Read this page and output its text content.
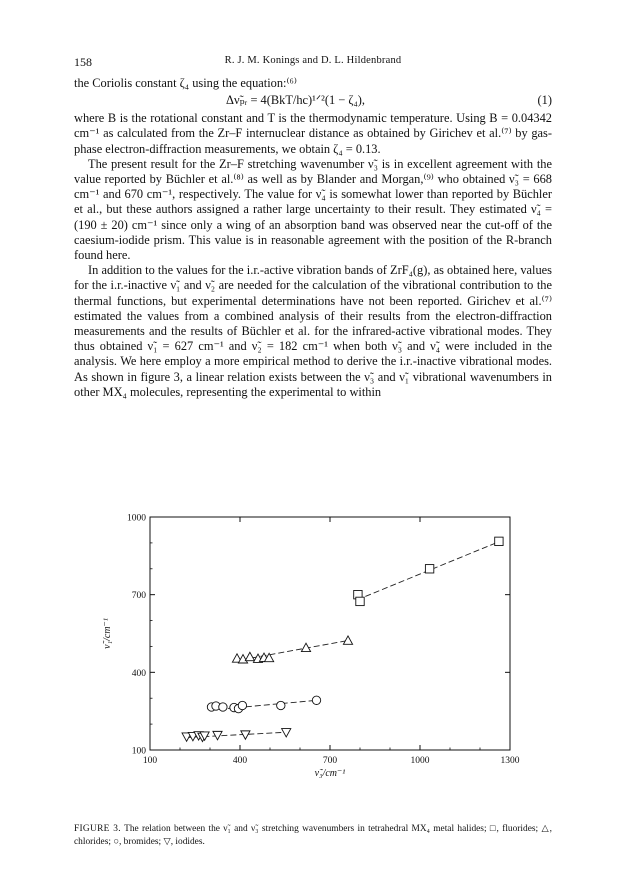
158	R. J. M. Konings and D. L. Hildenbrand

the Coriolis constant ζ₄ using the equation:⁽⁶⁾

Δν̃ₚᵣ = 4(BkT/hc)¹ᐟ²(1 − ζ₄),	(1)

where B is the rotational constant and T is the thermodynamic temperature. Using B = 0.04342 cm⁻¹ as calculated from the Zr–F internuclear distance as obtained by Girichev et al.⁽⁷⁾ by gas-phase electron-diffraction measurements, we obtain ζ₄ = 0.13.

The present result for the Zr–F stretching wavenumber ν̃₃ is in excellent agreement with the value reported by Büchler et al.⁽⁸⁾ as well as by Blander and Morgan,⁽⁹⁾ who obtained ν̃₃ = 668 cm⁻¹ and 670 cm⁻¹, respectively. The value for ν̃₄ is somewhat lower than reported by Büchler et al., but these authors assigned a rather large uncertainty to their result. They estimated ν̃₄ = (190 ± 20) cm⁻¹ since only a wing of an absorption band was observed near the cut-off of the caesium-iodide prism. This value is in reasonable agreement with the position of the R-branch found here.

In addition to the values for the i.r.-active vibration bands of ZrF₄(g), as obtained here, values for the i.r.-inactive ν̃₁ and ν̃₂ are needed for the calculation of the vibrational contribution to the thermal functions, but experimental determinations have not been reported. Girichev et al.⁽⁷⁾ estimated the values from a combined analysis of their results from the electron-diffraction measurements and the results of Büchler et al. for the infrared-active vibrational modes. They thus obtained ν̃₁ = 627 cm⁻¹ and ν̃₂ = 182 cm⁻¹ when both ν̃₃ and ν̃₄ were included in the analysis. We here employ a more empirical method to derive the i.r.-inactive vibrational modes. As shown in figure 3, a linear relation exists between the ν̃₃ and ν̃₁ vibrational wavenumbers in other MX₄ molecules, representing the experimental to within

100	400	700	1000	1300
100
400
700
1000
ν̃₃/cm⁻¹
ν̃₁/cm⁻¹
FIGURE 3. The relation between the ν̃₁ and ν̃₃ stretching wavenumbers in tetrahedral MX₄ metal halides; □, fluorides; △, chlorides; ○, bromides; ▽, iodides.
